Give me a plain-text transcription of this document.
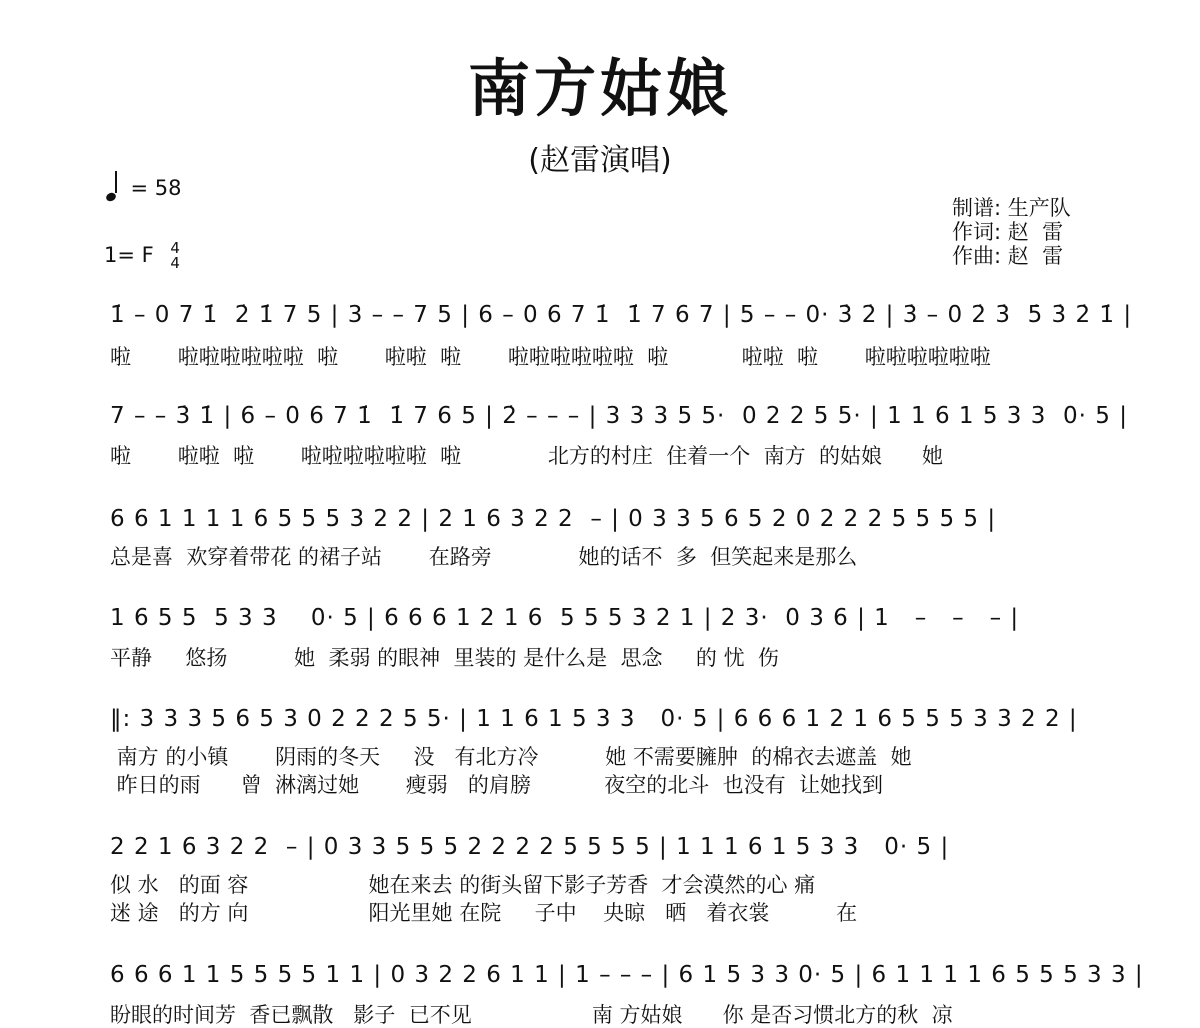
南方姑娘
(赵雷演唱)
= 58
1= F 4
4
制谱: 生产队
作词: 赵  雷
作曲: 赵  雷
1̇ – 0 7 1̇  2̇ 1̇ 7 5 | 3 – – 7 5 | 6 – 0 6 7 1̇  1̇ 7 6 7 | 5 – – 0· 3̇ 2̇ | 3̇ – 0 2̇ 3̇  5̇ 3̇ 2̇ 1̇ |
啦       啦啦啦啦啦啦  啦       啦啦  啦       啦啦啦啦啦啦  啦           啦啦  啦       啦啦啦啦啦啦
7 – – 3̇ 1̇ | 6 – 0 6 7 1̇  1̇ 7 6 5 | 2̇ – – – | 3 3 3 5 5·  0 2 2 5 5· | 1 1 6 1 5 3 3  0· 5 |
啦       啦啦  啦       啦啦啦啦啦啦  啦             北方的村庄  住着一个  南方  的姑娘      她
6 6 1 1 1 1 6 5 5 5 3 2 2 | 2 1 6 3 2 2  – | 0 3 3 5 6 5 2 0 2 2 2 5 5 5 5 |
总是喜  欢穿着带花 的裙子站       在路旁             她的话不  多  但笑起来是那么
1 6 5 5  5 3 3    0· 5 | 6 6 6 1 2 1 6  5 5 5 3 2 1 | 2 3·  0 3 6 | 1   –   –   – |
平静     悠扬          她  柔弱 的眼神  里装的 是什么是  思念     的 忧  伤
‖: 3 3 3 5 6 5 3 0 2 2 2 5 5· | 1 1 6 1 5 3 3   0· 5 | 6 6 6 1 2 1 6 5 5 5 3 3 2 2 |
南方 的小镇       阴雨的冬天     没   有北方冷          她 不需要臃肿  的棉衣去遮盖  她
昨日的雨      曾  淋漓过她       瘦弱   的肩膀           夜空的北斗  也没有  让她找到
2 2 1 6 3 2 2  – | 0 3 3 5 5 5 2 2 2 2 5 5 5 5 | 1 1 1 6 1 5 3 3   0· 5 |
似 水   的面 容                  她在来去 的街头留下影子芳香  才会漠然的心 痛
迷 途   的方 向                  阳光里她 在院     子中    央晾   晒   着衣裳          在
6 6 6 1 1 5 5 5 5 1 1 | 0 3 2 2 6 1 1 | 1 – – – | 6 1 5 3 3 0· 5 | 6 1 1 1 1 6 5 5 5 3 3 |
盼眼的时间芳  香已飘散   影子  已不见                  南 方姑娘      你 是否习惯北方的秋  凉
